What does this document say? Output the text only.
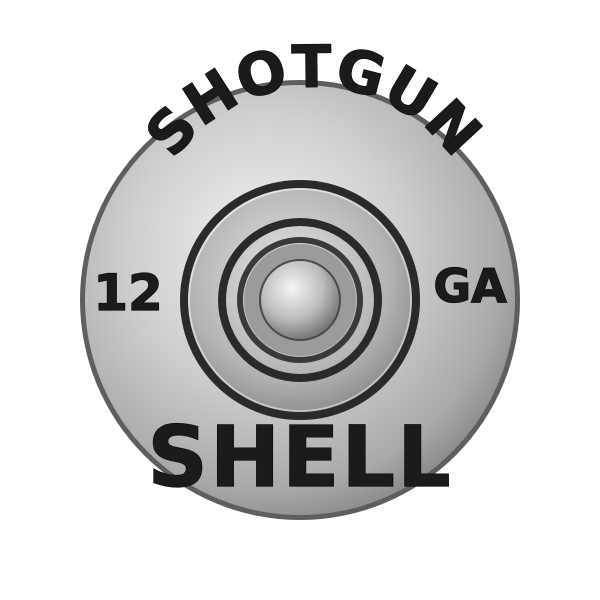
SHOTGUN
12	GA
SHELL
